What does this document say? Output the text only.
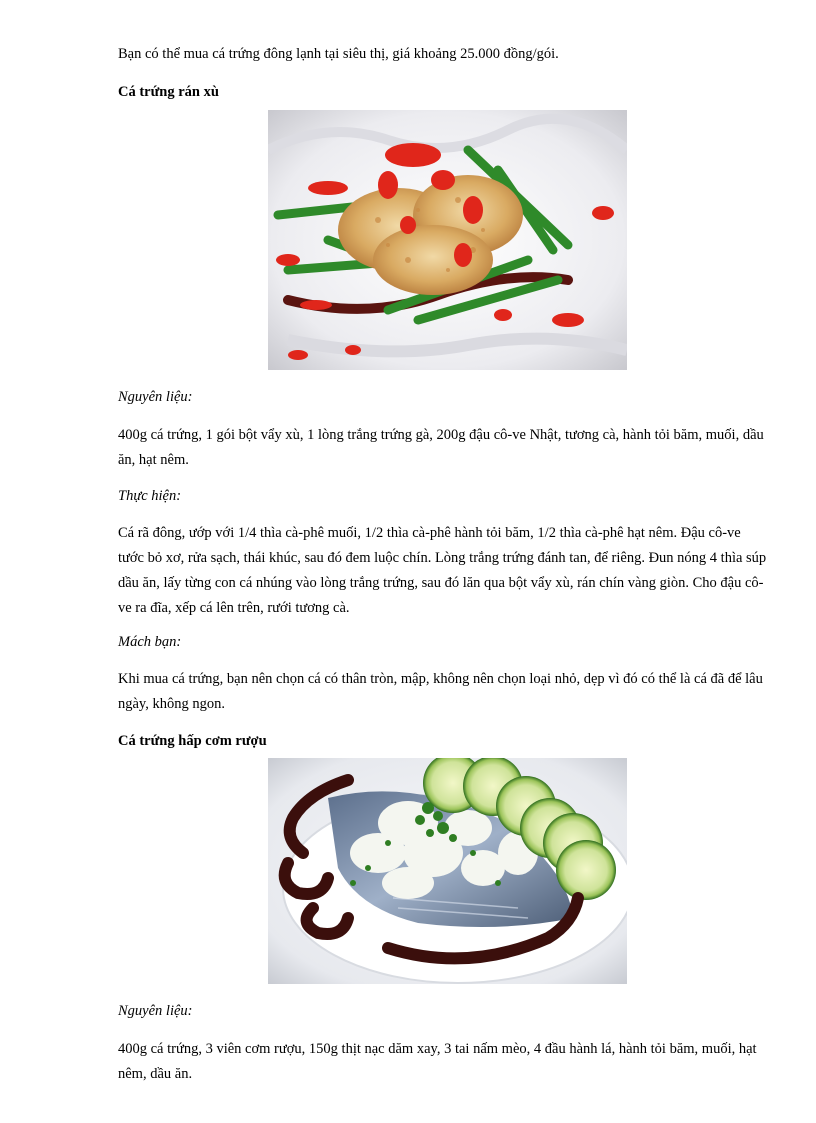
Bạn có thể mua cá trứng đông lạnh tại siêu thị, giá khoảng 25.000 đồng/gói.

Cá trứng rán xù

Nguyên liệu:

400g cá trứng, 1 gói bột vẩy xù, 1 lòng trắng trứng gà, 200g đậu cô-ve Nhật, tương cà, hành tỏi băm, muối, dầu ăn, hạt nêm.

Thực hiện:

Cá rã đông, ướp với 1/4 thìa cà-phê muối, 1/2 thìa cà-phê hành tỏi băm, 1/2 thìa cà-phê hạt nêm. Đậu cô-ve tước bỏ xơ, rửa sạch, thái khúc, sau đó đem luộc chín. Lòng trắng trứng đánh tan, để riêng. Đun nóng 4 thìa súp dầu ăn, lấy từng con cá nhúng vào lòng trắng trứng, sau đó lăn qua bột vẩy xù, rán chín vàng giòn. Cho đậu cô-ve ra đĩa, xếp cá lên trên, rưới tương cà.

Mách bạn:

Khi mua cá trứng, bạn nên chọn cá có thân tròn, mập, không nên chọn loại nhỏ, dẹp vì đó có thể là cá đã để lâu ngày, không ngon.

Cá trứng hấp cơm rượu

Nguyên liệu:

400g cá trứng, 3 viên cơm rượu, 150g thịt nạc dăm xay, 3 tai nấm mèo, 4 đầu hành lá, hành tỏi băm, muối, hạt nêm, dầu ăn.
